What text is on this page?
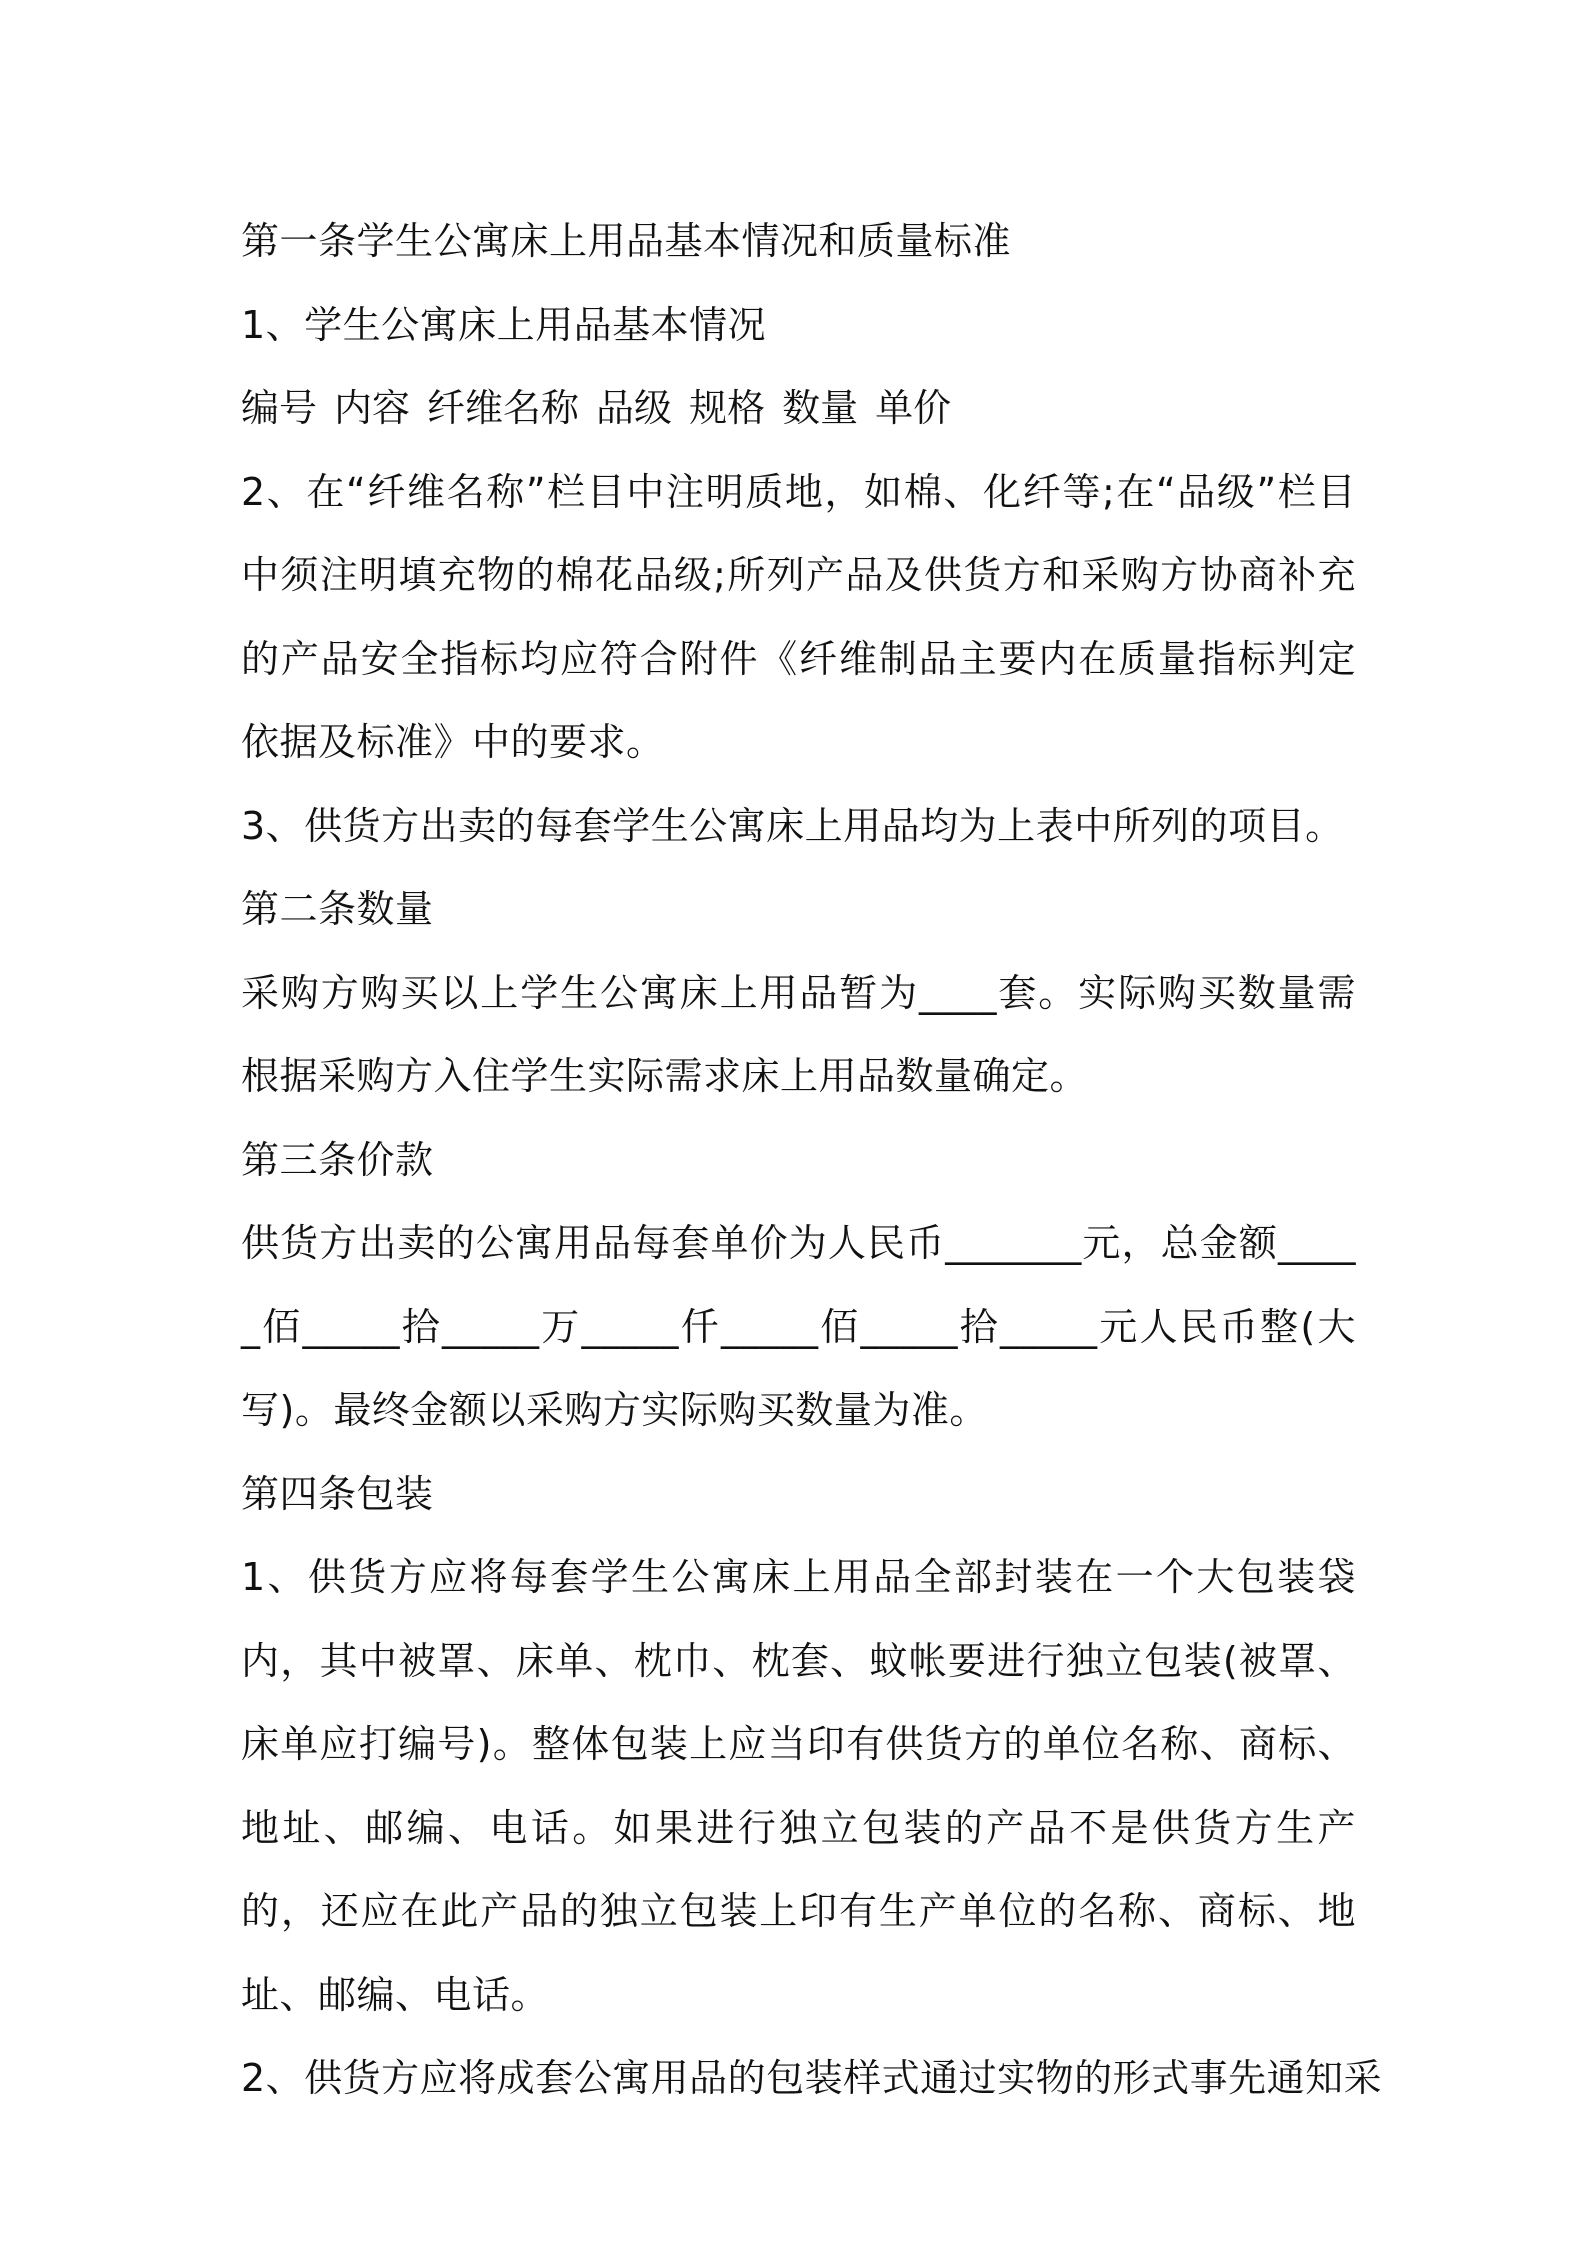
第一条学生公寓床上用品基本情况和质量标准
1、学生公寓床上用品基本情况
编号 内容 纤维名称 品级 规格 数量 单价
2、在“纤维名称”栏目中注明质地，如棉、化纤等;在“品级”栏目中须注明填充物的棉花品级;所列产品及供货方和采购方协商补充的产品安全指标均应符合附件《纤维制品主要内在质量指标判定依据及标准》中的要求。
3、供货方出卖的每套学生公寓床上用品均为上表中所列的项目。
第二条数量
采购方购买以上学生公寓床上用品暂为____套。实际购买数量需根据采购方入住学生实际需求床上用品数量确定。
第三条价款
供货方出卖的公寓用品每套单价为人民币_______元，总金额_____佰_____拾_____万_____仟_____佰_____拾_____元人民币整(大写)。最终金额以采购方实际购买数量为准。
第四条包装
1、供货方应将每套学生公寓床上用品全部封装在一个大包装袋内，其中被罩、床单、枕巾、枕套、蚊帐要进行独立包装(被罩、床单应打编号)。整体包装上应当印有供货方的单位名称、商标、地址、邮编、电话。如果进行独立包装的产品不是供货方生产的，还应在此产品的独立包装上印有生产单位的名称、商标、地址、邮编、电话。
2、供货方应将成套公寓用品的包装样式通过实物的形式事先通知采
